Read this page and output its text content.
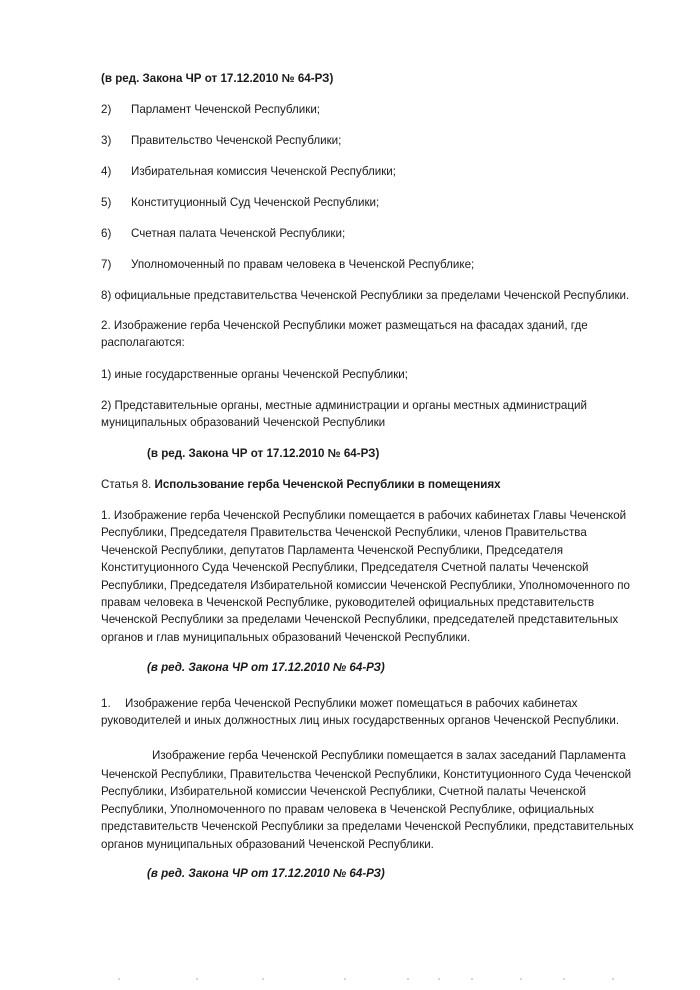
(в ред. Закона ЧР от 17.12.2010 № 64-РЗ)
2) Парламент Чеченской Республики;
3) Правительство Чеченской Республики;
4) Избирательная комиссия Чеченской Республики;
5) Конституционный Суд Чеченской Республики;
6) Счетная палата Чеченской Республики;
7) Уполномоченный по правам человека в Чеченской Республике;
8) официальные представительства Чеченской Республики за пределами Чеченской Республики.
2. Изображение герба Чеченской Республики может размещаться на фасадах зданий, где
располагаются:
1) иные государственные органы Чеченской Республики;
2) Представительные органы, местные администрации и органы местных администраций
муниципальных образований Чеченской Республики
(в ред. Закона ЧР от 17.12.2010 № 64-РЗ)
Статья 8. Использование герба Чеченской Республики в помещениях
1. Изображение герба Чеченской Республики помещается в рабочих кабинетах Главы Чеченской
Республики, Председателя Правительства Чеченской Республики, членов Правительства
Чеченской Республики, депутатов Парламента Чеченской Республики, Председателя
Конституционного Суда Чеченской Республики, Председателя Счетной палаты Чеченской
Республики, Председателя Избирательной комиссии Чеченской Республики, Уполномоченного по
правам человека в Чеченской Республике, руководителей официальных представительств
Чеченской Республики за пределами Чеченской Республики, председателей представительных
органов и глав муниципальных образований Чеченской Республики.
(в ред. Закона ЧР от 17.12.2010 № 64-РЗ)
1. Изображение герба Чеченской Республики может помещаться в рабочих кабинетах
руководителей и иных должностных лиц иных государственных органов Чеченской Республики.
Изображение герба Чеченской Республики помещается в залах заседаний Парламента
Чеченской Республики, Правительства Чеченской Республики, Конституционного Суда Чеченской
Республики, Избирательной комиссии Чеченской Республики, Счетной палаты Чеченской
Республики, Уполномоченного по правам человека в Чеченской Республике, официальных
представительств Чеченской Республики за пределами Чеченской Республики, представительных
органов муниципальных образований Чеченской Республики.
(в ред. Закона ЧР от 17.12.2010 № 64-РЗ)
